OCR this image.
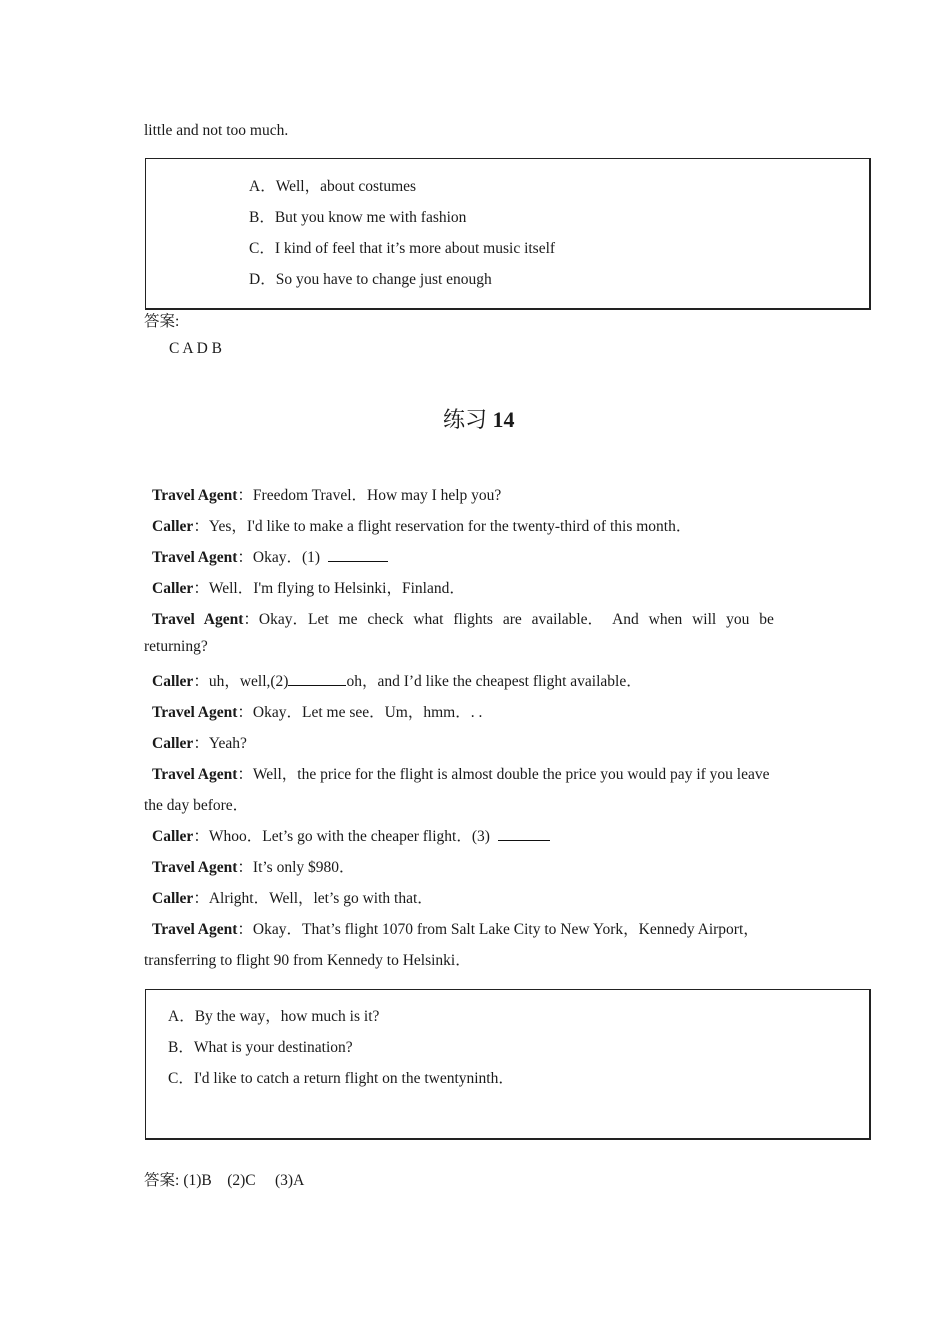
little and not too much.
A．Well，about costumes
B．But you know me with fashion
C．I kind of feel that it’s more about music itself
D．So you have to change just enough
答案:
C A D B
练习 14
Travel Agent：Freedom Travel．How may I help you?
Caller：Yes，I'd like to make a flight reservation for the twenty-third of this month．
Travel Agent：Okay．(1)
Caller：Well．I'm flying to Helsinki，Finland．
Travel Agent：Okay．Let me check what flights are available． And when will you be
returning?
Caller：uh，well,(2)	oh，and I’d like the cheapest flight available．
Travel Agent：Okay．Let me see．Um，hmm．. .
Caller：Yeah?
Travel Agent：Well，the price for the flight is almost double the price you would pay if you leave
the day before．
Caller：Whoo．Let’s go with the cheaper flight．(3)
Travel Agent：It’s only $980．
Caller：Alright．Well，let’s go with that．
Travel Agent：Okay．That’s flight 1070 from Salt Lake City to New York，Kennedy Airport，
transferring to flight 90 from Kennedy to Helsinki．
A．By the way，how much is it?
B．What is your destination?
C．I'd like to catch a return flight on the twentyninth．
答案: (1)B　(2)C　 (3)A
